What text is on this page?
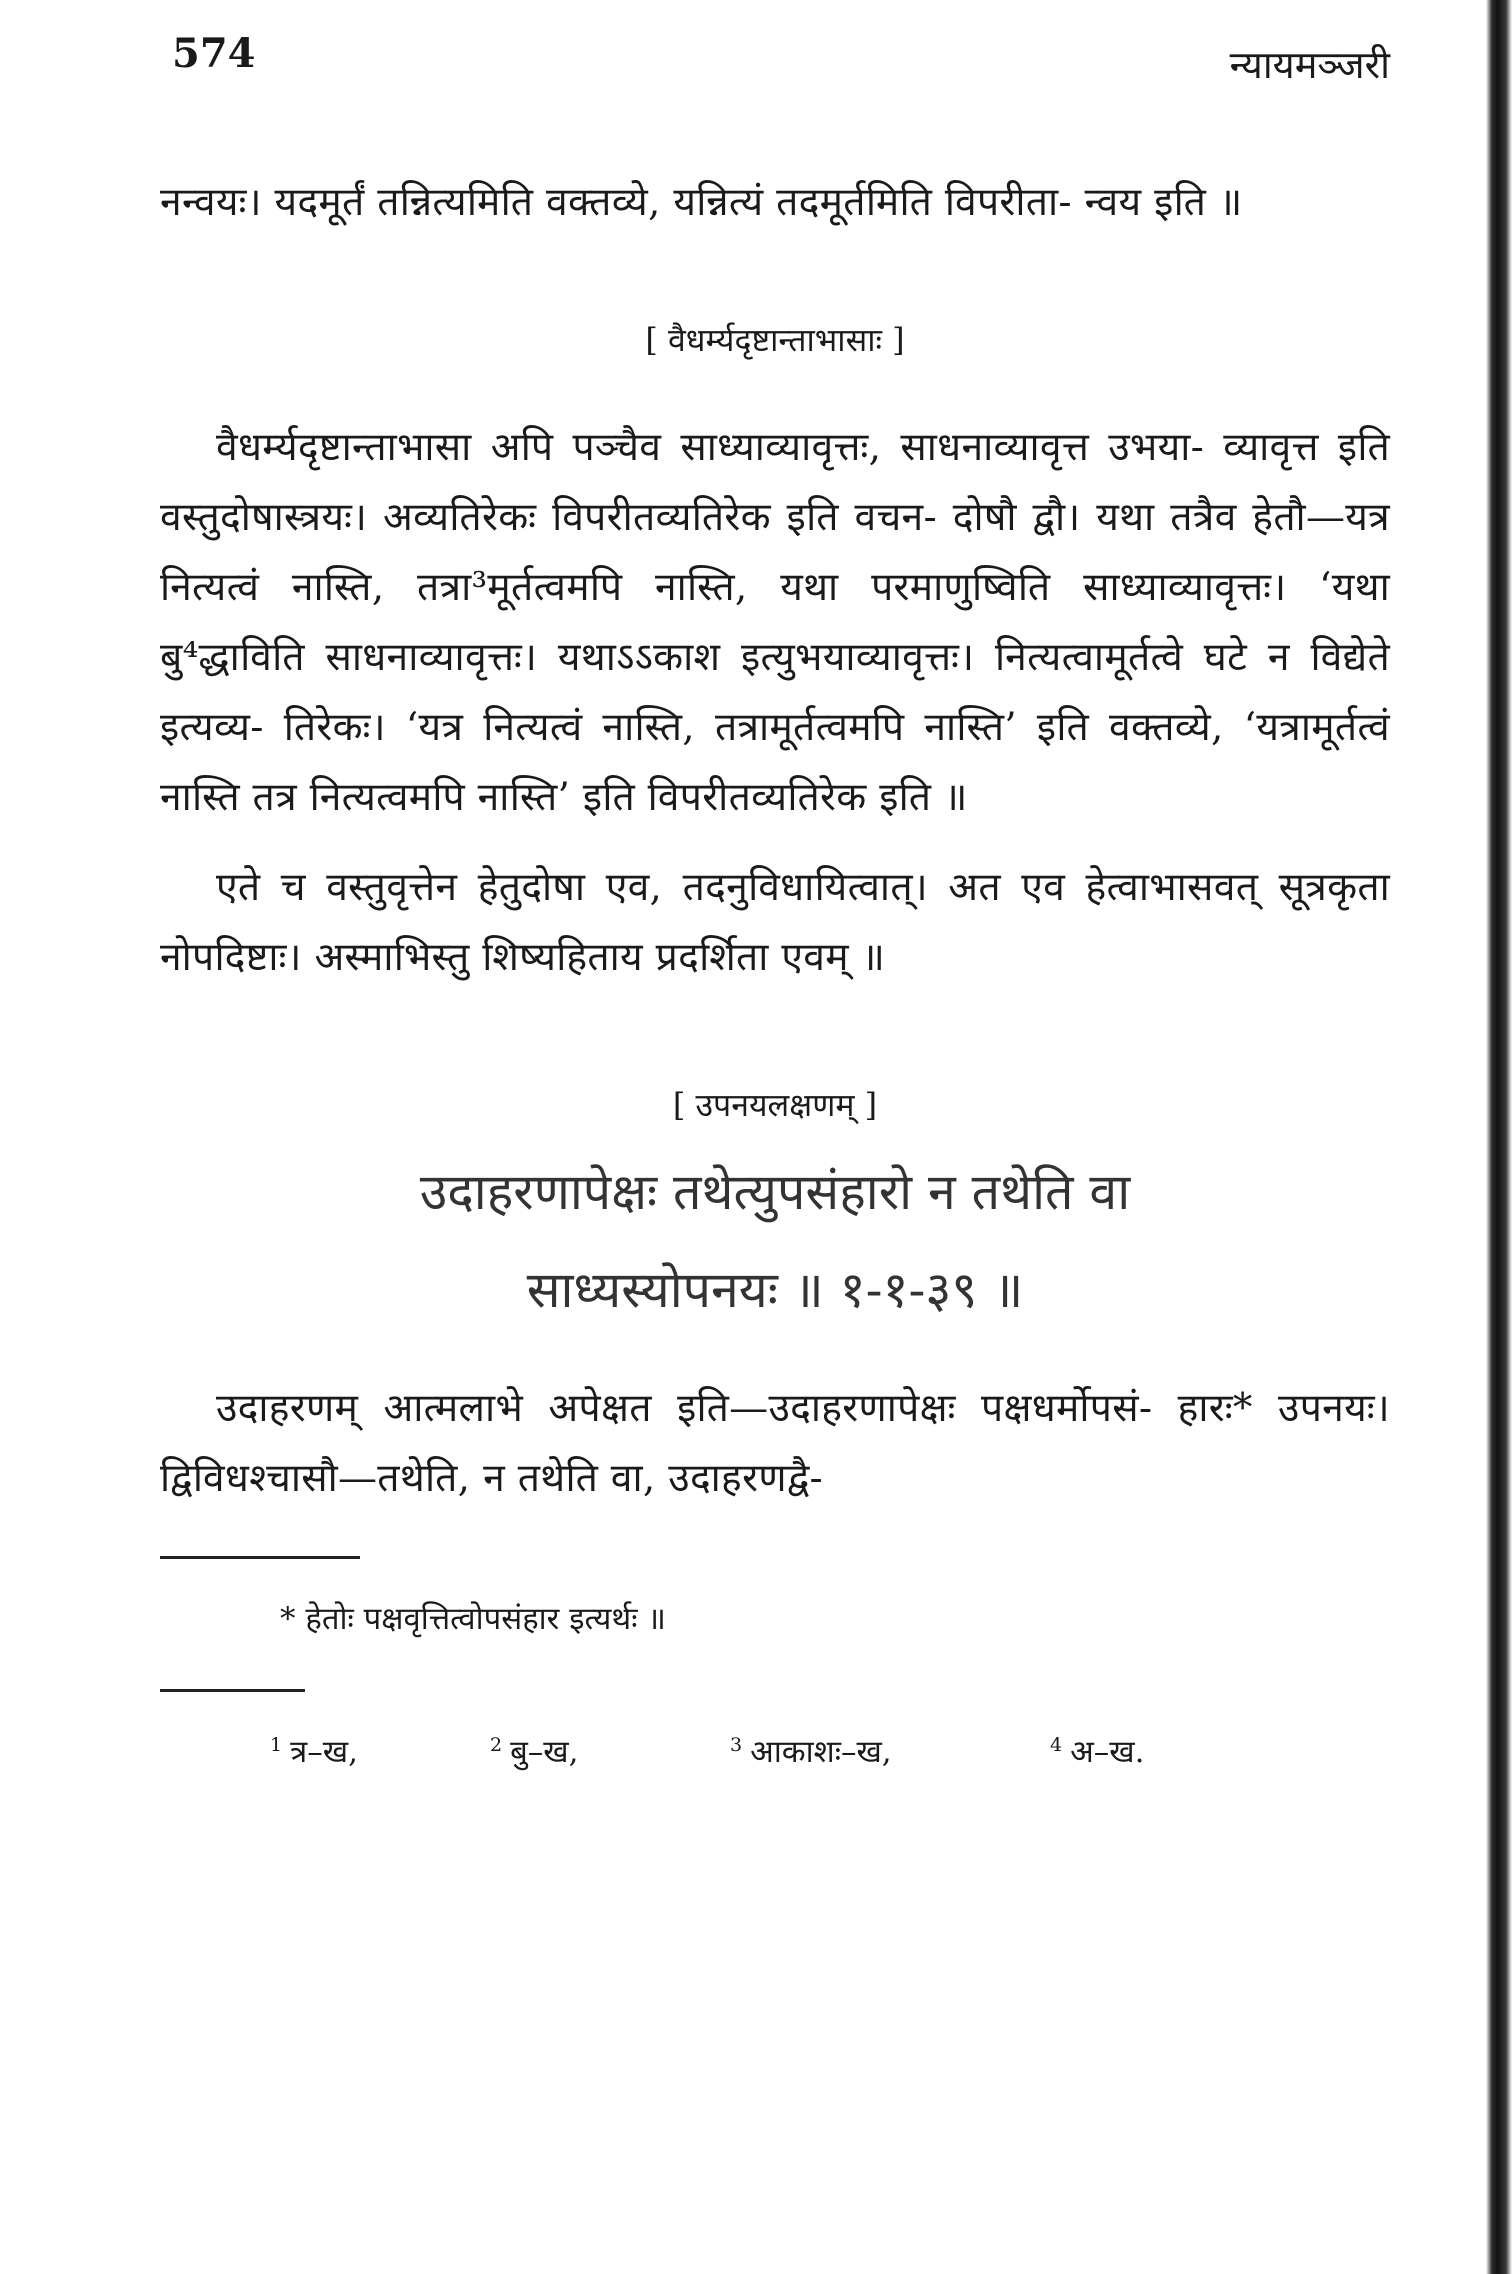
574	न्यायमञ्जरी

नन्वयः। यदमूर्तं तन्नित्यमिति वक्तव्ये, यन्नित्यं तदमूर्तमिति विपरीता- न्वय इति ॥

[ वैधर्म्यदृष्टान्ताभासाः ]

वैधर्म्यदृष्टान्ताभासा अपि पञ्चैव साध्याव्यावृत्तः, साधनाव्यावृत्त उभया- व्यावृत्त इति वस्तुदोषास्त्रयः। अव्यतिरेकः विपरीतव्यतिरेक इति वचन- दोषौ द्वौ। यथा तत्रैव हेतौ—यत्र नित्यत्वं नास्ति, तत्रा³मूर्तत्वमपि नास्ति, यथा परमाणुष्विति साध्याव्यावृत्तः। ‘यथा बु⁴द्धाविति साधनाव्यावृत्तः। यथाऽऽकाश इत्युभयाव्यावृत्तः। नित्यत्वामूर्तत्वे घटे न विद्येते इत्यव्य- तिरेकः। ‘यत्र नित्यत्वं नास्ति, तत्रामूर्तत्वमपि नास्ति’ इति वक्तव्ये, ‘यत्रामूर्तत्वं नास्ति तत्र नित्यत्वमपि नास्ति’ इति विपरीतव्यतिरेक इति ॥

एते च वस्तुवृत्तेन हेतुदोषा एव, तदनुविधायित्वात्। अत एव हेत्वाभासवत् सूत्रकृता नोपदिष्टाः। अस्माभिस्तु शिष्यहिताय प्रदर्शिता एवम् ॥

[ उपनयलक्षणम् ]

उदाहरणापेक्षः तथेत्युपसंहारो न तथेति वा

साध्यस्योपनयः ॥ १-१-३९ ॥

उदाहरणम् आत्मलाभे अपेक्षत इति—उदाहरणापेक्षः पक्षधर्मोपसं- हारः* उपनयः। द्विविधश्चासौ—तथेति, न तथेति वा, उदाहरणद्वै-

* हेतोः पक्षवृत्तित्वोपसंहार इत्यर्थः ॥

$^1$ त्र–ख,	$^2$ बु–ख,	$^3$ आकाशः–ख,	$^4$ अ–ख.
